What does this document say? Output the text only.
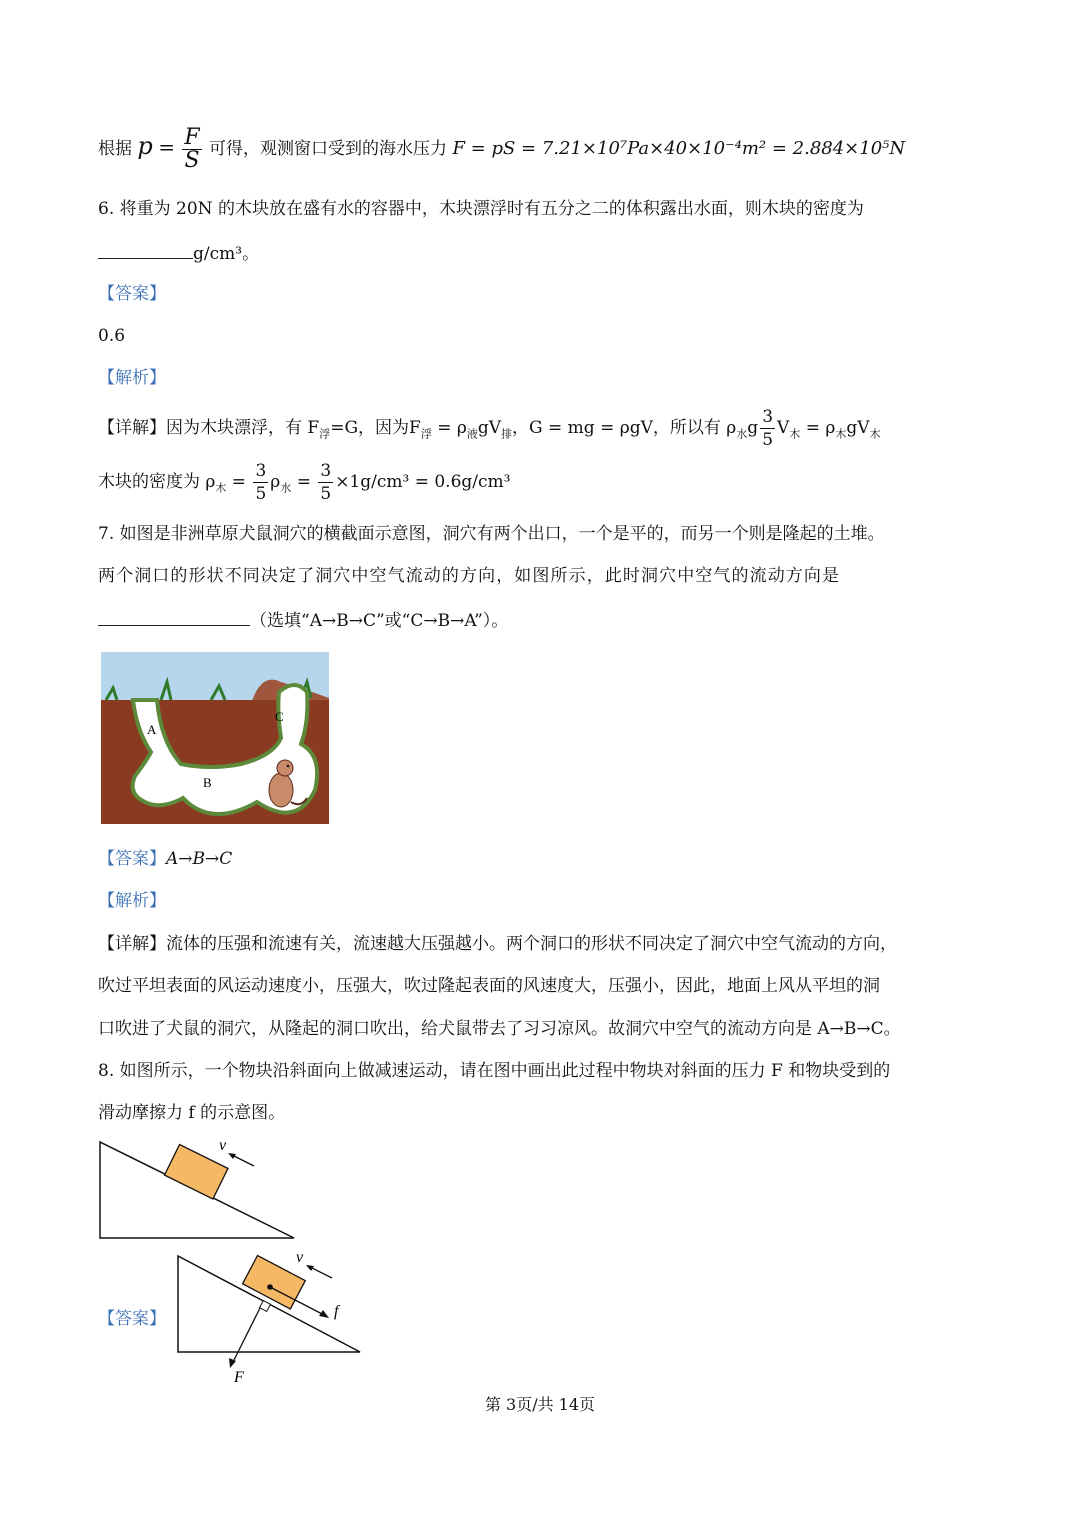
根据 $p = \frac{F}{S}$ 可得，观测窗口受到的海水压力 F = pS = 7.21×10⁷Pa×40×10⁻⁴m² = 2.884×10⁵N
6. 将重为 20N 的木块放在盛有水的容器中，木块漂浮时有五分之二的体积露出水面，则木块的密度为
g/cm³。
【答案】
0.6
【解析】
【详解】因为木块漂浮，有 $F_浮=G$，因为$F_浮 = \rho_液gV_排$，G = mg = ρgV，所以有 $\rho_水g \frac{3}{5} V_木 = \rho_木gV_木$
木块的密度为 $\rho_木 = \frac{3}{5} \rho_水 = \frac{3}{5} \times 1g/cm^3 = 0.6g/cm^3$
7. 如图是非洲草原犬鼠洞穴的横截面示意图，洞穴有两个出口，一个是平的，而另一个则是隆起的土堆。
两个洞口的形状不同决定了洞穴中空气流动的方向，如图所示，此时洞穴中空气的流动方向是
（选填“A→B→C”或“C→B→A”）。
A
C
B
【答案】A→B→C
【解析】
【详解】流体的压强和流速有关，流速越大压强越小。两个洞口的形状不同决定了洞穴中空气流动的方向，
吹过平坦表面的风运动速度小，压强大，吹过隆起表面的风速度大，压强小，因此，地面上风从平坦的洞
口吹进了犬鼠的洞穴，从隆起的洞口吹出，给犬鼠带去了习习凉风。故洞穴中空气的流动方向是 A→B→C。
8. 如图所示，一个物块沿斜面向上做减速运动，请在图中画出此过程中物块对斜面的压力 F 和物块受到的
滑动摩擦力 f 的示意图。
v
【答案】	f
F
v
第 3页/共 14页
